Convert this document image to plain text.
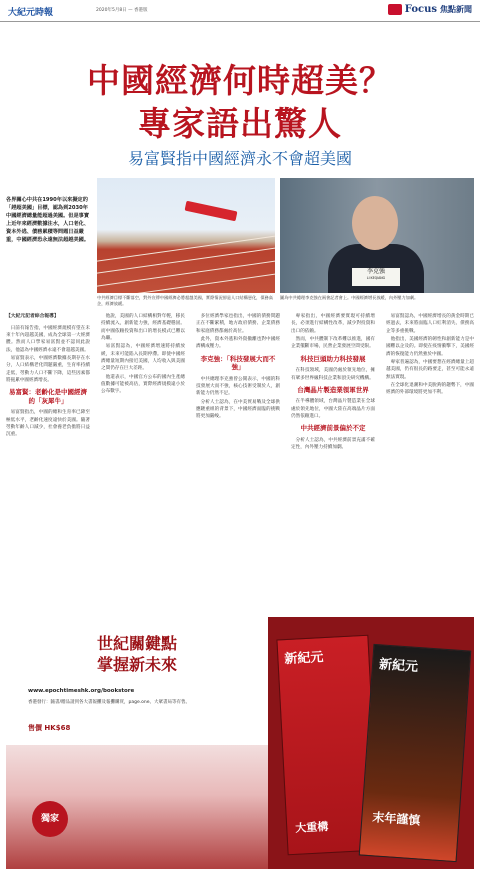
大紀元時報	2020年5月8日 — 香港版	Focus 焦點新聞
中國經濟何時超美？
專家語出驚人
易富賢指中國經濟永不會超美國
各界關心中共在1990年以來擬定的「趕超美國」目標，認為到2030年中國經濟總量能超過美國。但是事實上近年來經濟數據注水，人口老化、資本外逃、債務累積等問題日益嚴重，中國經濟恐永遠無法超越美國。
中共經濟目標不斷落空，對外宣傳中國經濟必將超越美國，實際情況卻是人口結構惡化，債務高企，經濟放緩。
李克強
LI KEQIANG
圖為中共總理李克強在兩會記者會上。中國經濟增長放緩，內外壓力加劇。
【大紀元記者綜合報導】

日前有報告指，中國經濟規模有望在未來十年內超越美國，成為全球第一大經濟體。然而人口學家易富賢並不認同此說法，他認為中國經濟永遠不會超越美國。

易富賢表示，中國經濟數據長期存在水分，人口結構老化問題嚴重，生育率持續走低，勞動力人口不斷下降，這些因素都將拖累中國經濟增長。

易富賢：老齡化是中國經濟的「灰犀牛」

易富賢指出，中國的總和生育率已降至極低水平，老齡化速度遠快於美國。隨著勞動年齡人口減少，社會養老負擔將日益沉重。

他說，美國的人口結構相對年輕，移民持續流入，創新能力強，經濟基礎穩固。而中國依賴投資和出口的增長模式已難以為繼。

易富賢認為，中國經濟增速將持續放緩，未來可能陷入長期停滯。即使中國經濟總量短期內接近美國，人均收入與美國之間仍存在巨大差距。

他還表示，中國官方公布的國內生產總值數據可能被高估，實際經濟規模遠小於公布數字。

多位經濟學家也指出，中國的債務問題正在不斷累積，地方政府債務、企業債務和家庭債務都處於高位。

此外，資本外逃和外資撤離也對中國經濟構成壓力。

李克強：「科技發展大而不強」

中共總理李克強曾公開表示，中國的科技發展大而不強，核心技術受制於人，創新能力仍然不足。

分析人士認為，在中美貿易戰及全球供應鏈重組的背景下，中國經濟面臨的挑戰將更加嚴峻。

專家指出，中國經濟要實現可持續增長，必須進行結構性改革，減少對投資和出口的依賴。

然而，中共體制下改革難以推進，國有企業壟斷市場，民營企業發展空間受限。

科技巨頭助力科技發展

在科技領域，美國仍處於領先地位，擁有眾多世界級科技企業和頂尖研究機構。

台灣晶片製造業領軍世界

在半導體領域，台灣晶片製造業在全球處於領先地位，中國大陸在高端晶片方面仍然依賴進口。

中共經濟前景偏於不定

分析人士認為，中共經濟前景充滿不確定性，內外壓力持續加劇。

易富賢認為，中國經濟增長的黃金時期已經過去，未來將面臨人口紅利消失、債務高企等多重挑戰。

他指出，美國經濟的韌性和創新能力是中國難以企及的。即使在疫情衝擊下，美國經濟的恢復能力仍然強於中國。

專家普遍認為，中國要想在經濟總量上超越美國，仍有很長的路要走，甚至可能永遠無法實現。

在全球化退潮和中美脫鉤的趨勢下，中國經濟的外部環境將更加不利。

世紀關鍵點
掌握新未來
www.epochtimeshk.org/bookstore
香港發行：隨書/贈品請到各大書報攤及報攤購買，page.one、大眾書局等有售。
售價 HK$68
獨家
新紀元
大重構
新紀元
末年謹慎
